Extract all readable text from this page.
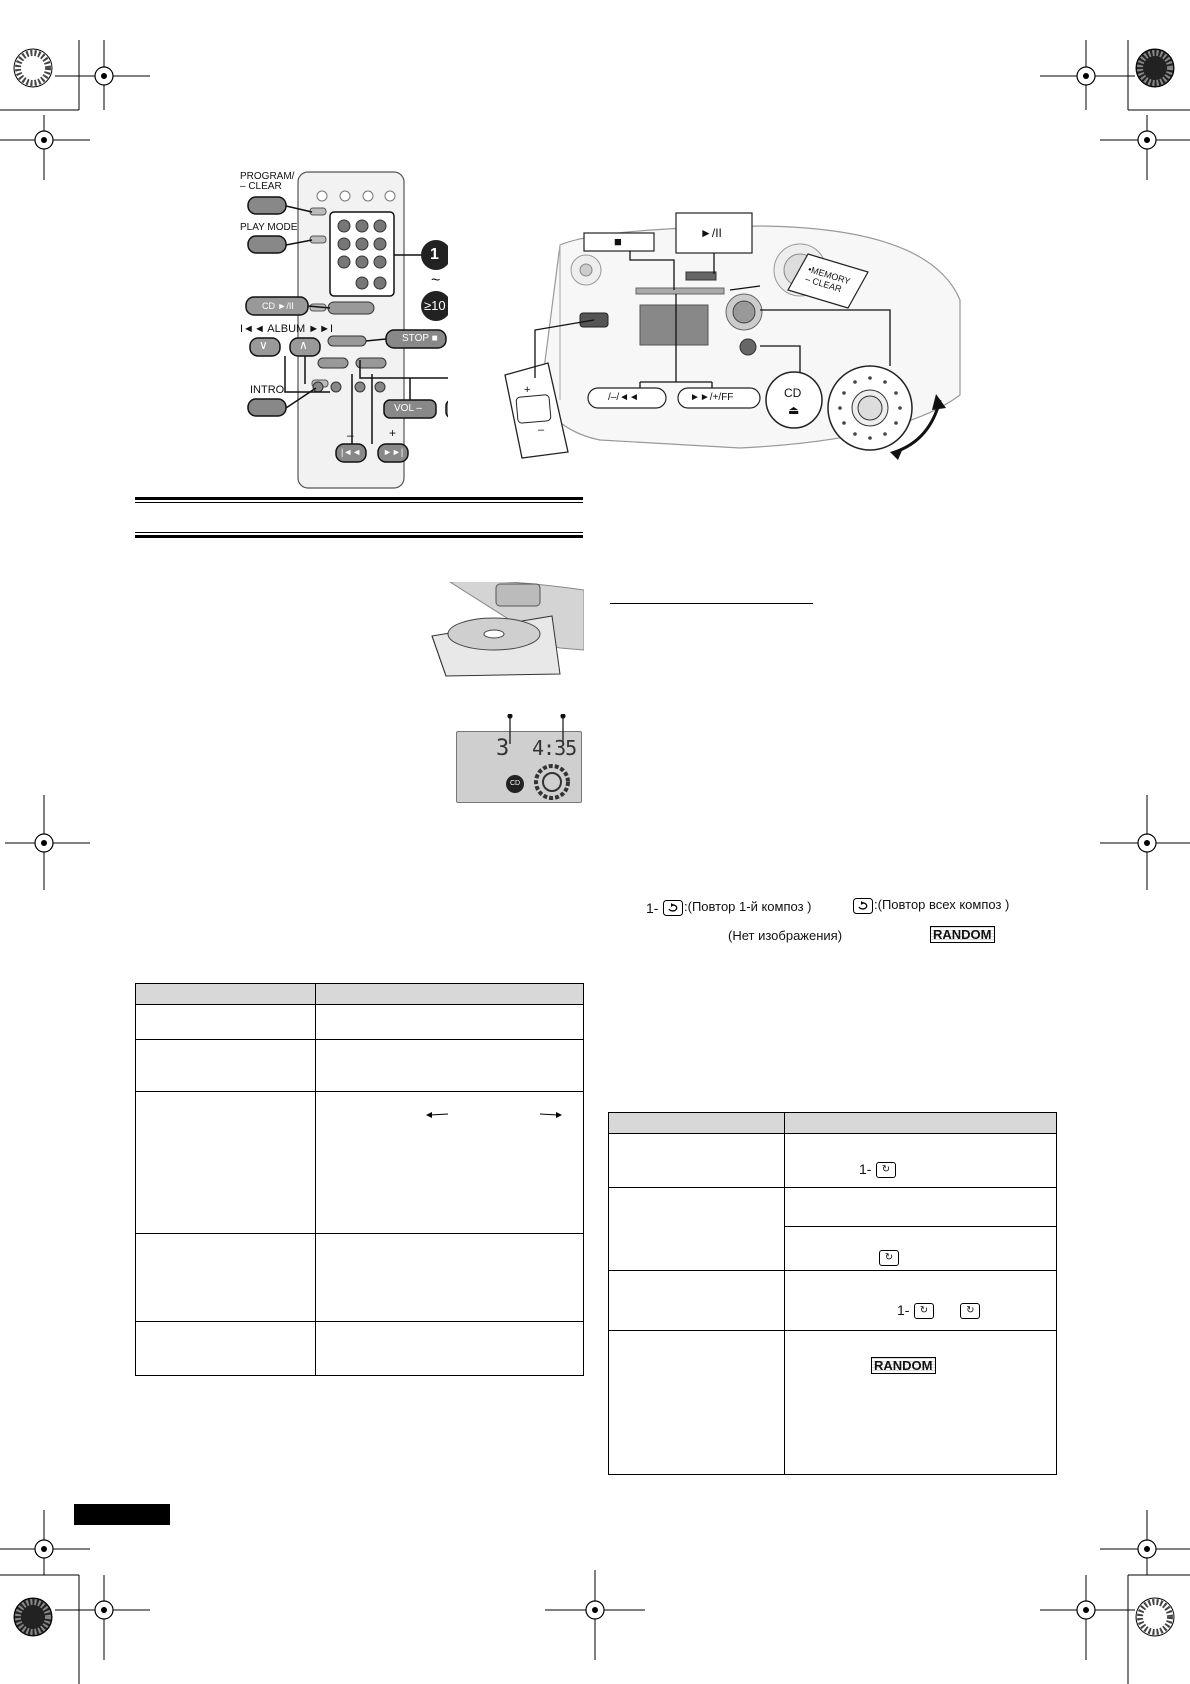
PROGRAM/
– CLEAR
PLAY MODE
I◄◄ ALBUM ►►I
INTRO
CD ►/II
∨	∧	STOP ■
VOL –	+ VOL
–	+
|◄◄ ►►|
1
~
≥10
■
►/II
•MEMORY
– CLEAR
/–/◄◄	►►/+/FF	CD
⏏
+
–
3 4:35
CD
1- :(Повтор 1-й композ )	:(Повтор всех композ )
(Нет изображения)	RANDOM

	1- ↻

	↻
	1- ↻ ↻
	RANDOM
